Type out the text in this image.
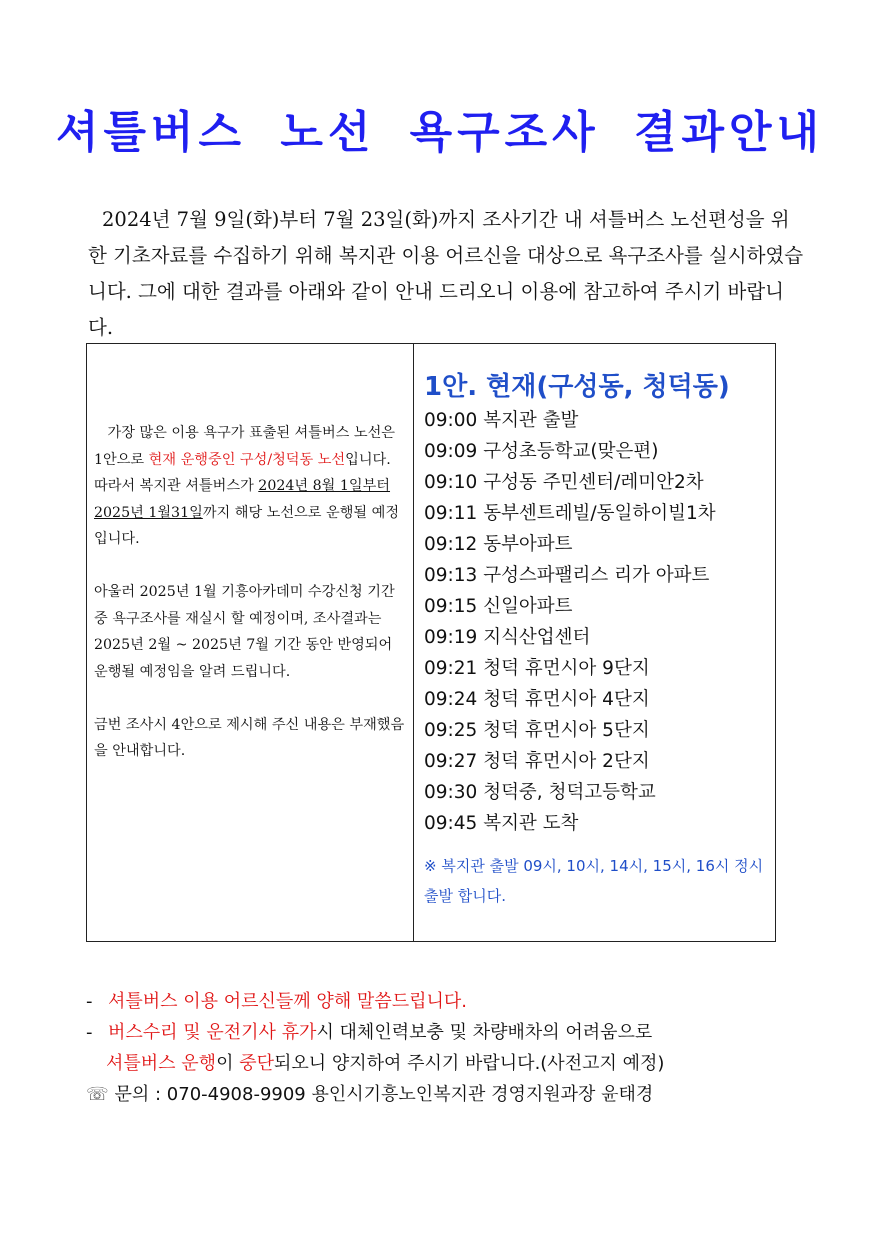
셔틀버스 노선 욕구조사 결과안내
2024년 7월 9일(화)부터 7월 23일(화)까지 조사기간 내 셔틀버스 노선편성을 위한 기초자료를 수집하기 위해 복지관 이용 어르신을 대상으로 욕구조사를 실시하였습니다. 그에 대한 결과를 아래와 같이 안내 드리오니 이용에 참고하여 주시기 바랍니다.

가장 많은 이용 욕구가 표출된 셔틀버스 노선은 1안으로 현재 운행중인 구성/청덕동 노선입니다.

따라서 복지관 셔틀버스가 2024년 8월 1일부터 2025년 1월31일까지 해당 노선으로 운행될 예정입니다.

아울러 2025년 1월 기흥아카데미 수강신청 기간 중 욕구조사를 재실시 할 예정이며, 조사결과는 2025년 2월 ~ 2025년 7월 기간 동안 반영되어 운행될 예정임을 알려 드립니다.

금번 조사시 4안으로 제시해 주신 내용은 부재했음을 안내합니다.

1안. 현재(구성동, 청덕동)
09:00 복지관 출발
09:09 구성초등학교(맞은편)
09:10 구성동 주민센터/레미안2차
09:11 동부센트레빌/동일하이빌1차
09:12 동부아파트
09:13 구성스파팰리스 리가 아파트
09:15 신일아파트
09:19 지식산업센터
09:21 청덕 휴먼시아 9단지
09:24 청덕 휴먼시아 4단지
09:25 청덕 휴먼시아 5단지
09:27 청덕 휴먼시아 2단지
09:30 청덕중, 청덕고등학교
09:45 복지관 도착
※ 복지관 출발 09시, 10시, 14시, 15시, 16시 정시 출발 합니다.
- 셔틀버스 이용 어르신들께 양해 말씀드립니다.
- 버스수리 및 운전기사 휴가시 대체인력보충 및 차량배차의 어려움으로
셔틀버스 운행이 중단되오니 양지하여 주시기 바랍니다.(사전고지 예정)
☏ 문의 : 070-4908-9909 용인시기흥노인복지관 경영지원과장 윤태경
